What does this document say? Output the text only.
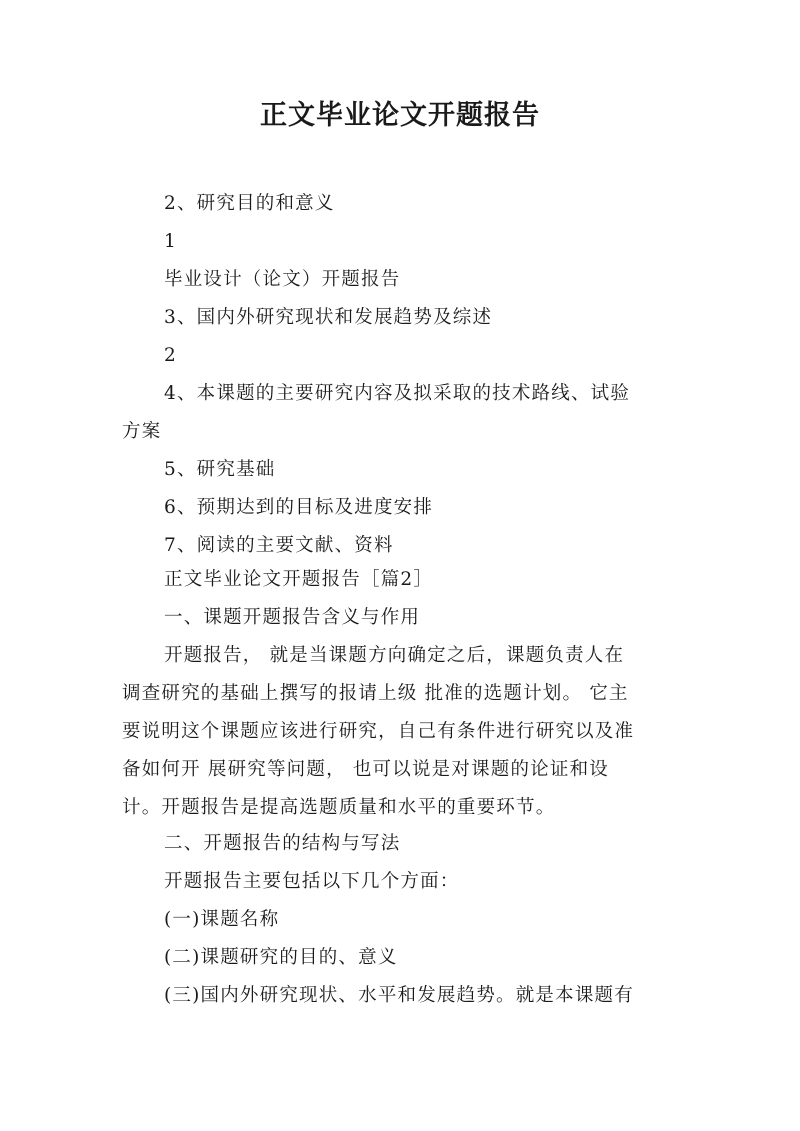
正文毕业论文开题报告
2、研究目的和意义
1
毕业设计（论文）开题报告
3、国内外研究现状和发展趋势及综述
2
4、本课题的主要研究内容及拟采取的技术路线、试验
方案
5、研究基础
6、预期达到的目标及进度安排
7、阅读的主要文献、资料
正文毕业论文开题报告［篇2］
一、课题开题报告含义与作用
开题报告， 就是当课题方向确定之后，课题负责人在
调查研究的基础上撰写的报请上级 批准的选题计划。 它主
要说明这个课题应该进行研究，自己有条件进行研究以及准
备如何开 展研究等问题， 也可以说是对课题的论证和设
计。开题报告是提高选题质量和水平的重要环节。
二、开题报告的结构与写法
开题报告主要包括以下几个方面：
(一)课题名称
(二)课题研究的目的、意义
(三)国内外研究现状、水平和发展趋势。就是本课题有
